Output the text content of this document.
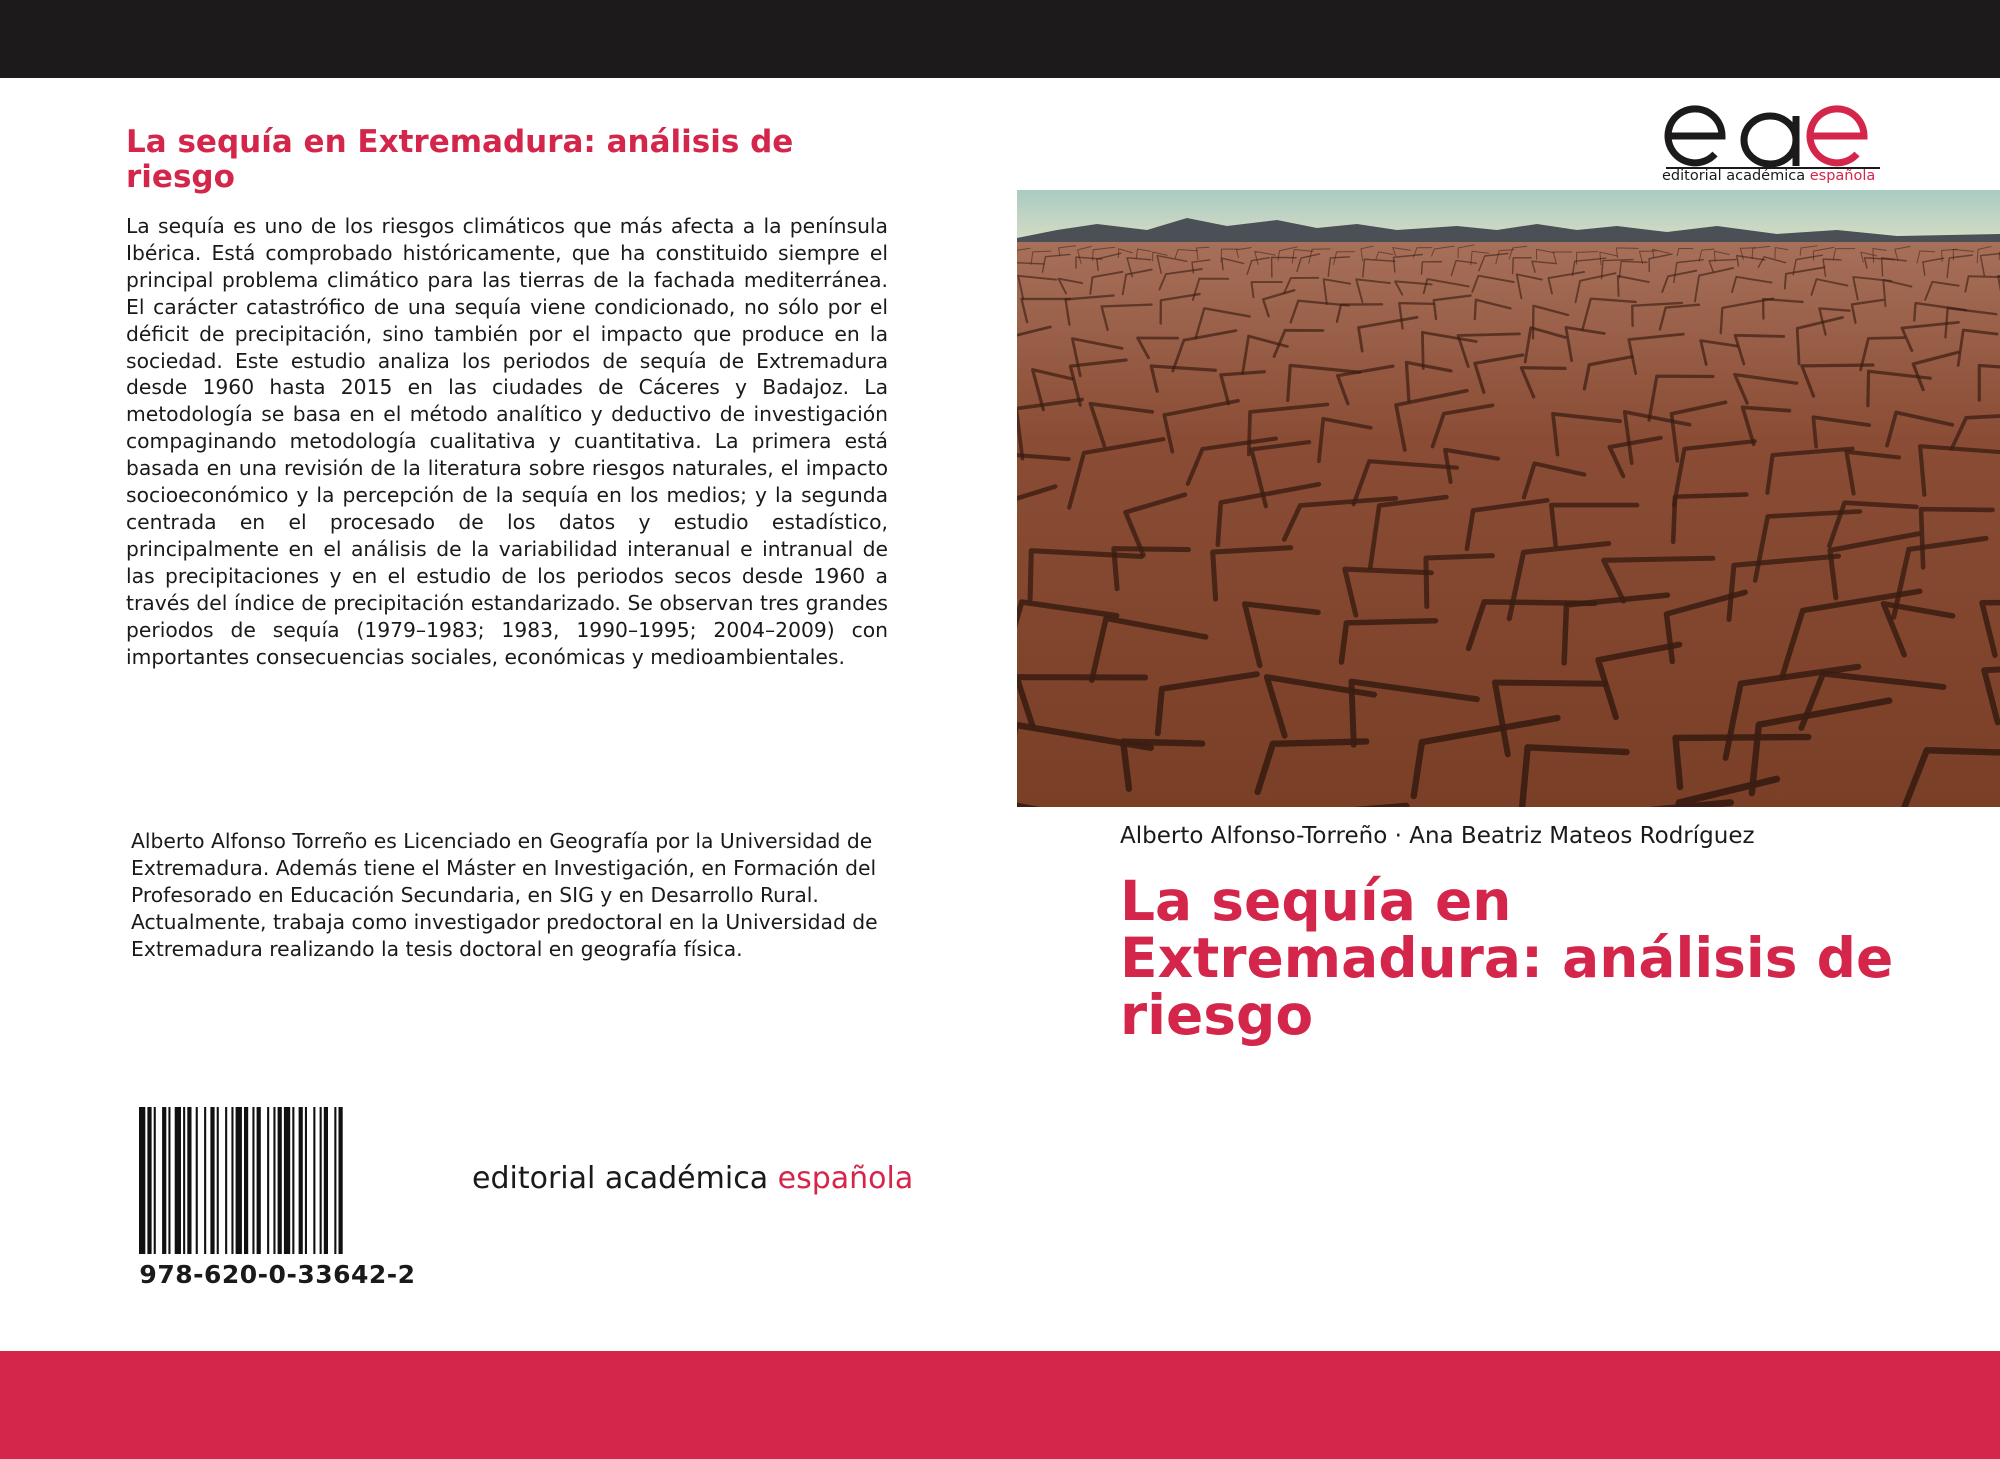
La sequía en Extremadura: análisis de riesgo

La sequía es uno de los riesgos climáticos que más afecta a la península Ibérica. Está comprobado históricamente, que ha constituido siempre el principal problema climático para las tierras de la fachada mediterránea. El carácter catastrófico de una sequía viene condicionado, no sólo por el déficit de precipitación, sino también por el impacto que produce en la sociedad. Este estudio analiza los periodos de sequía de Extremadura desde 1960 hasta 2015 en las ciudades de Cáceres y Badajoz. La metodología se basa en el método analítico y deductivo de investigación compaginando metodología cualitativa y cuantitativa. La primera está basada en una revisión de la literatura sobre riesgos naturales, el impacto socioeconómico y la percepción de la sequía en los medios; y la segunda centrada en el procesado de los datos y estudio estadístico, principalmente en el análisis de la variabilidad interanual e intranual de las precipitaciones y en el estudio de los periodos secos desde 1960 a través del índice de precipitación estandarizado. Se observan tres grandes periodos de sequía (1979–1983; 1983, 1990–1995; 2004–2009) con importantes consecuencias sociales, económicas y medioambientales.

Alberto Alfonso Torreño es Licenciado en Geografía por la Universidad de Extremadura. Además tiene el Máster en Investigación, en Formación del Profesorado en Educación Secundaria, en SIG y en Desarrollo Rural. Actualmente, trabaja como investigador predoctoral en la Universidad de Extremadura realizando la tesis doctoral en geografía física.

978-620-0-33642-2
editorial académica española
editorial académica española
Alberto Alfonso-Torreño · Ana Beatriz Mateos Rodríguez
La sequía en Extremadura: análisis de riesgo
